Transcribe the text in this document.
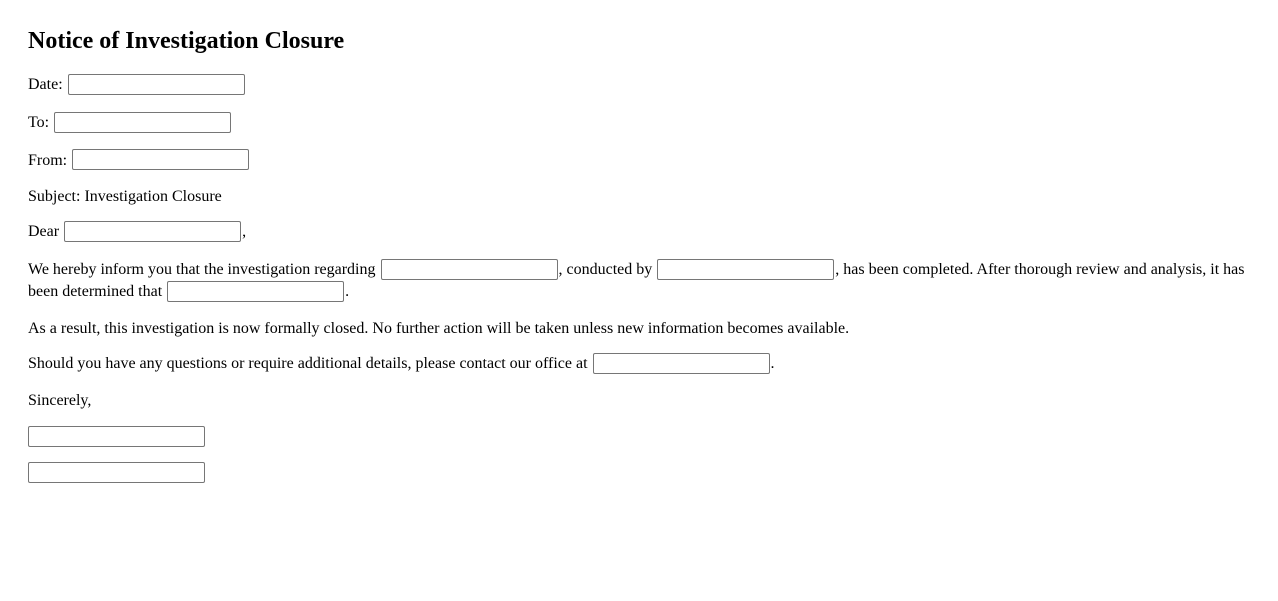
Notice of Investigation Closure

Date:

To:

From:

Subject: Investigation Closure

Dear	,

We hereby inform you that the investigation regarding	, conducted by	, has been completed. After thorough review and analysis, it has been determined that	.

As a result, this investigation is now formally closed. No further action will be taken unless new information becomes available.

Should you have any questions or require additional details, please contact our office at	.

Sincerely,
